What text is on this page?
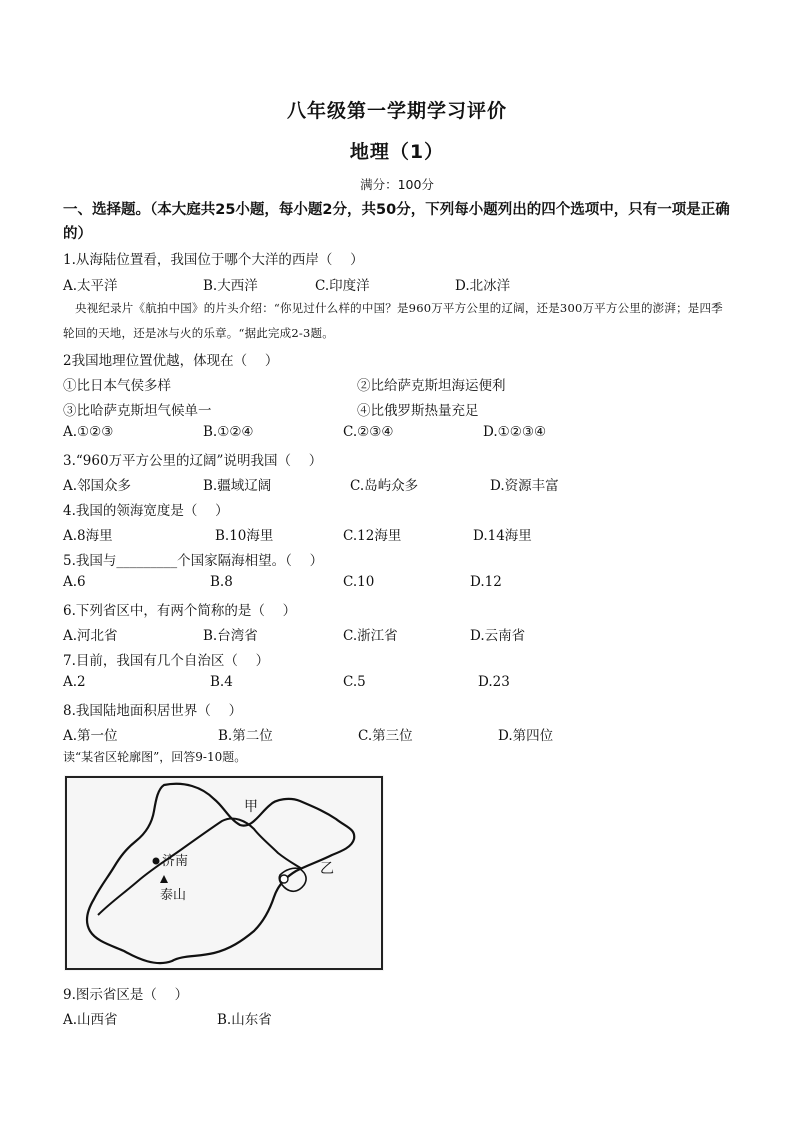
八年级第一学期学习评价
地理（1）
满分：100分
一、选择题。（本大庭共25小题，每小题2分，共50分，下列每小题列出的四个选项中，只有一项是正确的）
1.从海陆位置看，我国位于哪个大洋的西岸（　 ）
A.太平洋	B.大西洋	C.印度洋	D.北冰洋
央视纪录片《航拍中国》的片头介绍：“你见过什么样的中国？是960万平方公里的辽阔，还是300万平方公里的澎湃；是四季轮回的天地，还是冰与火的乐章。“据此完成2-3题。
2我国地理位置优越，体现在（　 ）
①比日本气侯多样	②比给萨克斯坦海运便利
③比哈萨克斯坦气候单一	④比俄罗斯热量充足
A.①②③	B.①②④	C.②③④	D.①②③④
3.“960万平方公里的辽阔”说明我国（　 ）
A.邻国众多	B.疆域辽阔	C.岛屿众多	D.资源丰富
4.我国的领海宽度是（　 ）
A.8海里	B.10海里	C.12海里	D.14海里
5.我国与_________个国家隔海相望。（　 ）
A.6	B.8	C.10	D.12
6.下列省区中，有两个简称的是（　 ）
A.河北省	B.台湾省	C.浙江省	D.云南省
7.目前，我国有几个自治区（　 ）
A.2	B.4	C.5	D.23
8.我国陆地面积居世界（　 ）
A.第一位	B.第二位	C.第三位	D.第四位
读“某省区轮廓图”，回答9-10题。
甲
乙
济南
泰山
9.图示省区是（　 ）
A.山西省	B.山东省
